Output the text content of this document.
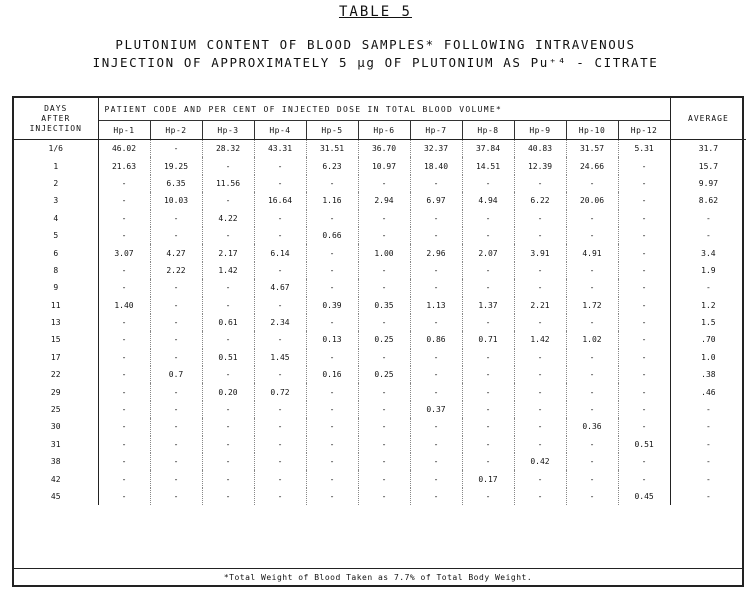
TABLE 5
PLUTONIUM CONTENT OF BLOOD SAMPLES* FOLLOWING INTRAVENOUS
INJECTION OF APPROXIMATELY 5 μg OF PLUTONIUM AS Pu⁺⁴ - CITRATE
DAYS
AFTER
INJECTION	PATIENT CODE AND PER CENT OF INJECTED DOSE IN TOTAL BLOOD VOLUME*											AVERAGE
	Hp-1	Hp-2	Hp-3	Hp-4	Hp-5	Hp-6	Hp-7	Hp-8	Hp-9	Hp-10	Hp-12	
1/6	46.02	-	28.32	43.31	31.51	36.70	32.37	37.84	40.83	31.57	5.31	31.7
1	21.63	19.25	-	-	6.23	10.97	18.40	14.51	12.39	24.66	-	15.7
2	-	6.35	11.56	-	-	-	-	-	-	-	-	9.97
3	-	10.03	-	16.64	1.16	2.94	6.97	4.94	6.22	20.06	-	8.62
4	-	-	4.22	-	-	-	-	-	-	-	-	-
5	-	-	-	-	0.66	-	-	-	-	-	-	-
6	3.07	4.27	2.17	6.14	-	1.00	2.96	2.07	3.91	4.91	-	3.4
8	-	2.22	1.42	-	-	-	-	-	-	-	-	1.9
9	-	-	-	4.67	-	-	-	-	-	-	-	-
11	1.40	-	-	-	0.39	0.35	1.13	1.37	2.21	1.72	-	1.2
13	-	-	0.61	2.34	-	-	-	-	-	-	-	1.5
15	-	-	-	-	0.13	0.25	0.86	0.71	1.42	1.02	-	.70
17	-	-	0.51	1.45	-	-	-	-	-	-	-	1.0
22	-	0.7	-	-	0.16	0.25	-	-	-	-	-	.38
29	-	-	0.20	0.72	-	-	-	-	-	-	-	.46
25	-	-	-	-	-	-	0.37	-	-	-	-	-
30	-	-	-	-	-	-	-	-	-	0.36	-	-
31	-	-	-	-	-	-	-	-	-	-	0.51	-
38	-	-	-	-	-	-	-	-	0.42	-	-	-
42	-	-	-	-	-	-	-	0.17	-	-	-	-
45	-	-	-	-	-	-	-	-	-	-	0.45	-
*Total Weight of Blood Taken as 7.7% of Total Body Weight.
